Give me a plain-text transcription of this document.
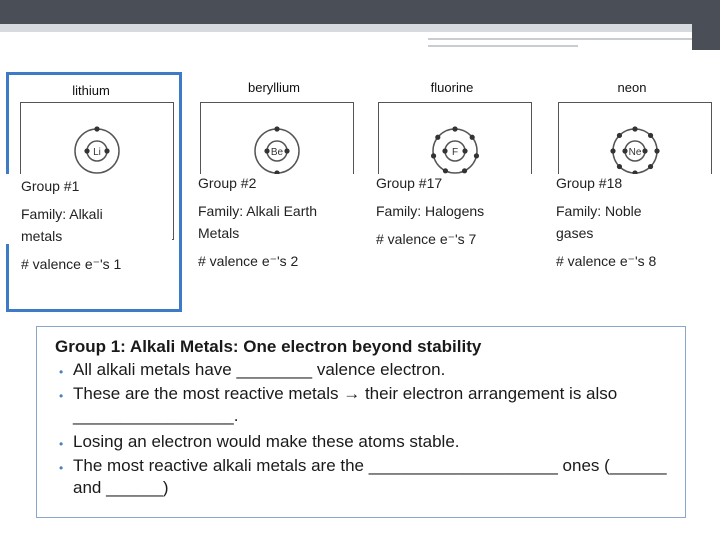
lithium
Li
Group #1
Family: Alkali
metals
# valence e⁻'s 1
beryllium
Be
Group #2
Family: Alkali Earth
Metals
# valence e⁻'s 2
fluorine
F
Group #17
Family: Halogens
# valence e⁻'s 7
neon
Ne
Group #18
Family: Noble
gases
# valence e⁻'s 8
Group 1: Alkali Metals: One electron beyond stability
• All alkali metals have ________ valence electron.
• These are the most reactive metals → their electron arrangement is also _________________.
• Losing an electron would make these atoms stable.
• The most reactive alkali metals are the ____________________ ones (______ and ______)
